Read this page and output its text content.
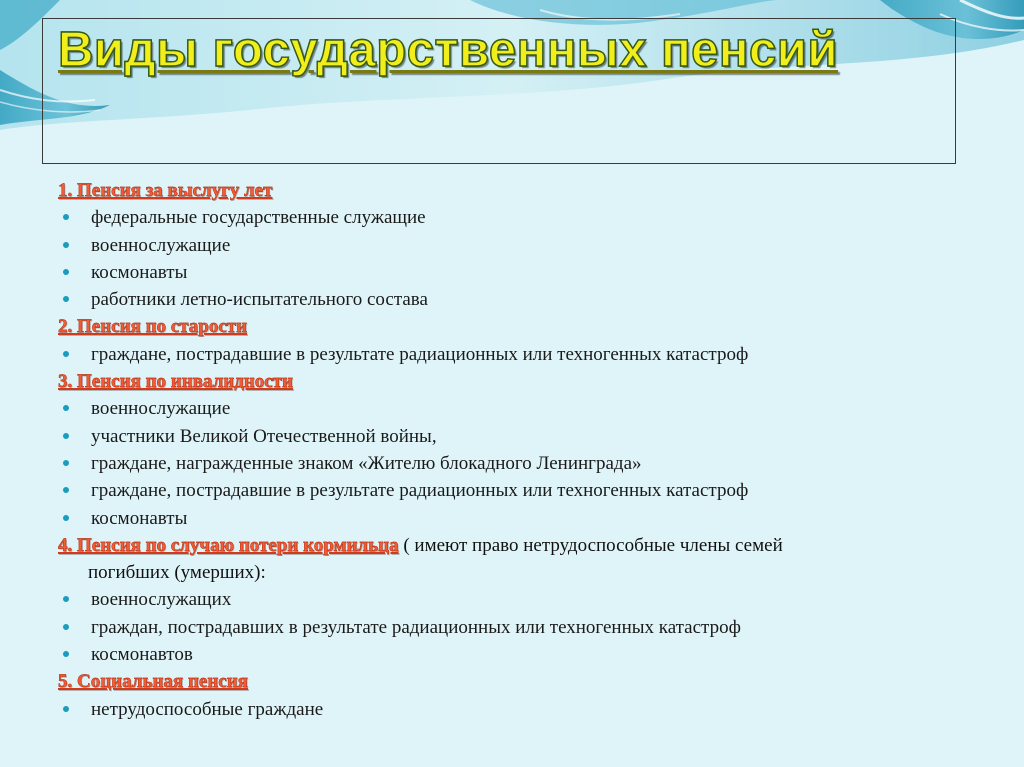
Виды государственных пенсий
1. Пенсия за выслугу лет
федеральные государственные служащие
военнослужащие
космонавты
работники летно-испытательного состава
2. Пенсия по старости
граждане, пострадавшие в результате радиационных или техногенных катастроф
3. Пенсия по инвалидности
военнослужащие
участники Великой Отечественной войны,
граждане, награжденные знаком «Жителю блокадного Ленинграда»
граждане, пострадавшие в результате радиационных или техногенных катастроф
космонавты
4. Пенсия по случаю потери кормильца ( имеют право нетрудоспособные члены семей
погибших (умерших):
военнослужащих
граждан, пострадавших в результате радиационных или техногенных катастроф
космонавтов
5. Социальная пенсия
нетрудоспособные граждане
